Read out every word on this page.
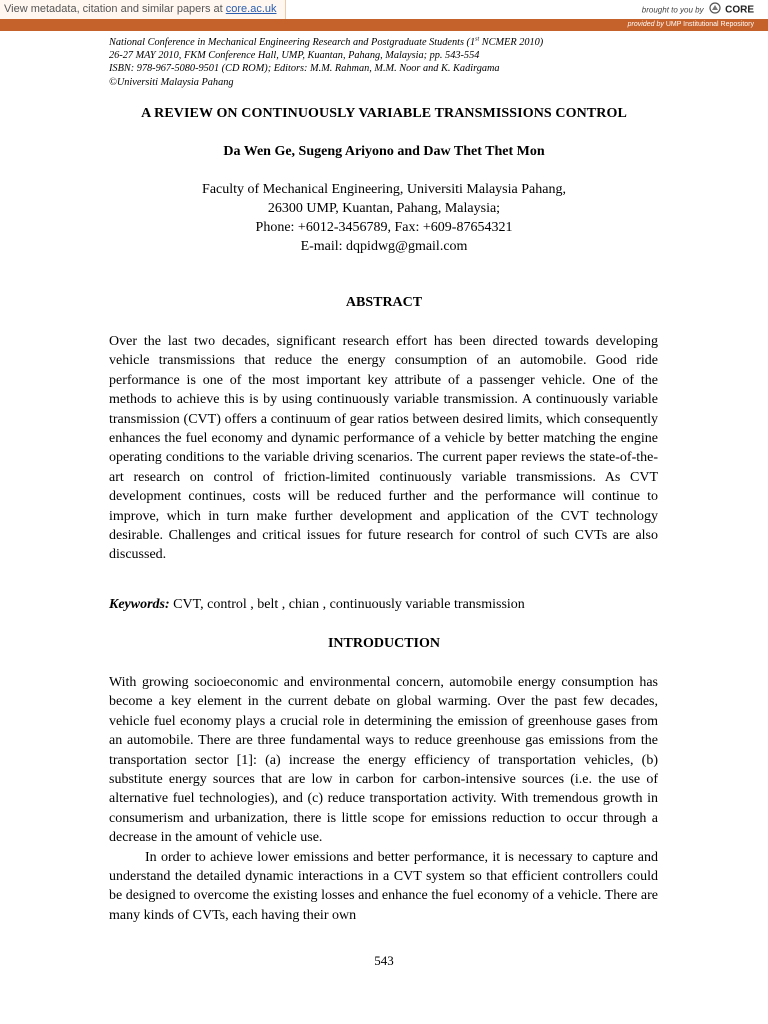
View metadata, citation and similar papers at core.ac.uk	brought to you by CORE
provided by UMP Institutional Repository
National Conference in Mechanical Engineering Research and Postgraduate Students (1st NCMER 2010)
26-27 MAY 2010, FKM Conference Hall, UMP, Kuantan, Pahang, Malaysia; pp. 543-554
ISBN: 978-967-5080-9501 (CD ROM); Editors: M.M. Rahman, M.M. Noor and K. Kadirgama
©Universiti Malaysia Pahang
A REVIEW ON CONTINUOUSLY VARIABLE TRANSMISSIONS CONTROL
Da Wen Ge, Sugeng Ariyono and Daw Thet Thet Mon
Faculty of Mechanical Engineering, Universiti Malaysia Pahang,
26300 UMP, Kuantan, Pahang, Malaysia;
Phone: +6012-3456789, Fax: +609-87654321
E-mail: dqpidwg@gmail.com
ABSTRACT

Over the last two decades, significant research effort has been directed towards developing vehicle transmissions that reduce the energy consumption of an automobile. Good ride performance is one of the most important key attribute of a passenger vehicle. One of the methods to achieve this is by using continuously variable transmission. A continuously variable transmission (CVT) offers a continuum of gear ratios between desired limits, which consequently enhances the fuel economy and dynamic performance of a vehicle by better matching the engine operating conditions to the variable driving scenarios. The current paper reviews the state-of-the-art research on control of friction-limited continuously variable transmissions. As CVT development continues, costs will be reduced further and the performance will continue to improve, which in turn make further development and application of the CVT technology desirable. Challenges and critical issues for future research for control of such CVTs are also discussed.

Keywords: CVT, control , belt , chian , continuously variable transmission
INTRODUCTION

With growing socioeconomic and environmental concern, automobile energy consumption has become a key element in the current debate on global warming. Over the past few decades, vehicle fuel economy plays a crucial role in determining the emission of greenhouse gases from an automobile. There are three fundamental ways to reduce greenhouse gas emissions from the transportation sector [1]: (a) increase the energy efficiency of transportation vehicles, (b) substitute energy sources that are low in carbon for carbon-intensive sources (i.e. the use of alternative fuel technologies), and (c) reduce transportation activity. With tremendous growth in consumerism and urbanization, there is little scope for emissions reduction to occur through a decrease in the amount of vehicle use.

In order to achieve lower emissions and better performance, it is necessary to capture and understand the detailed dynamic interactions in a CVT system so that efficient controllers could be designed to overcome the existing losses and enhance the fuel economy of a vehicle. There are many kinds of CVTs, each having their own

543
